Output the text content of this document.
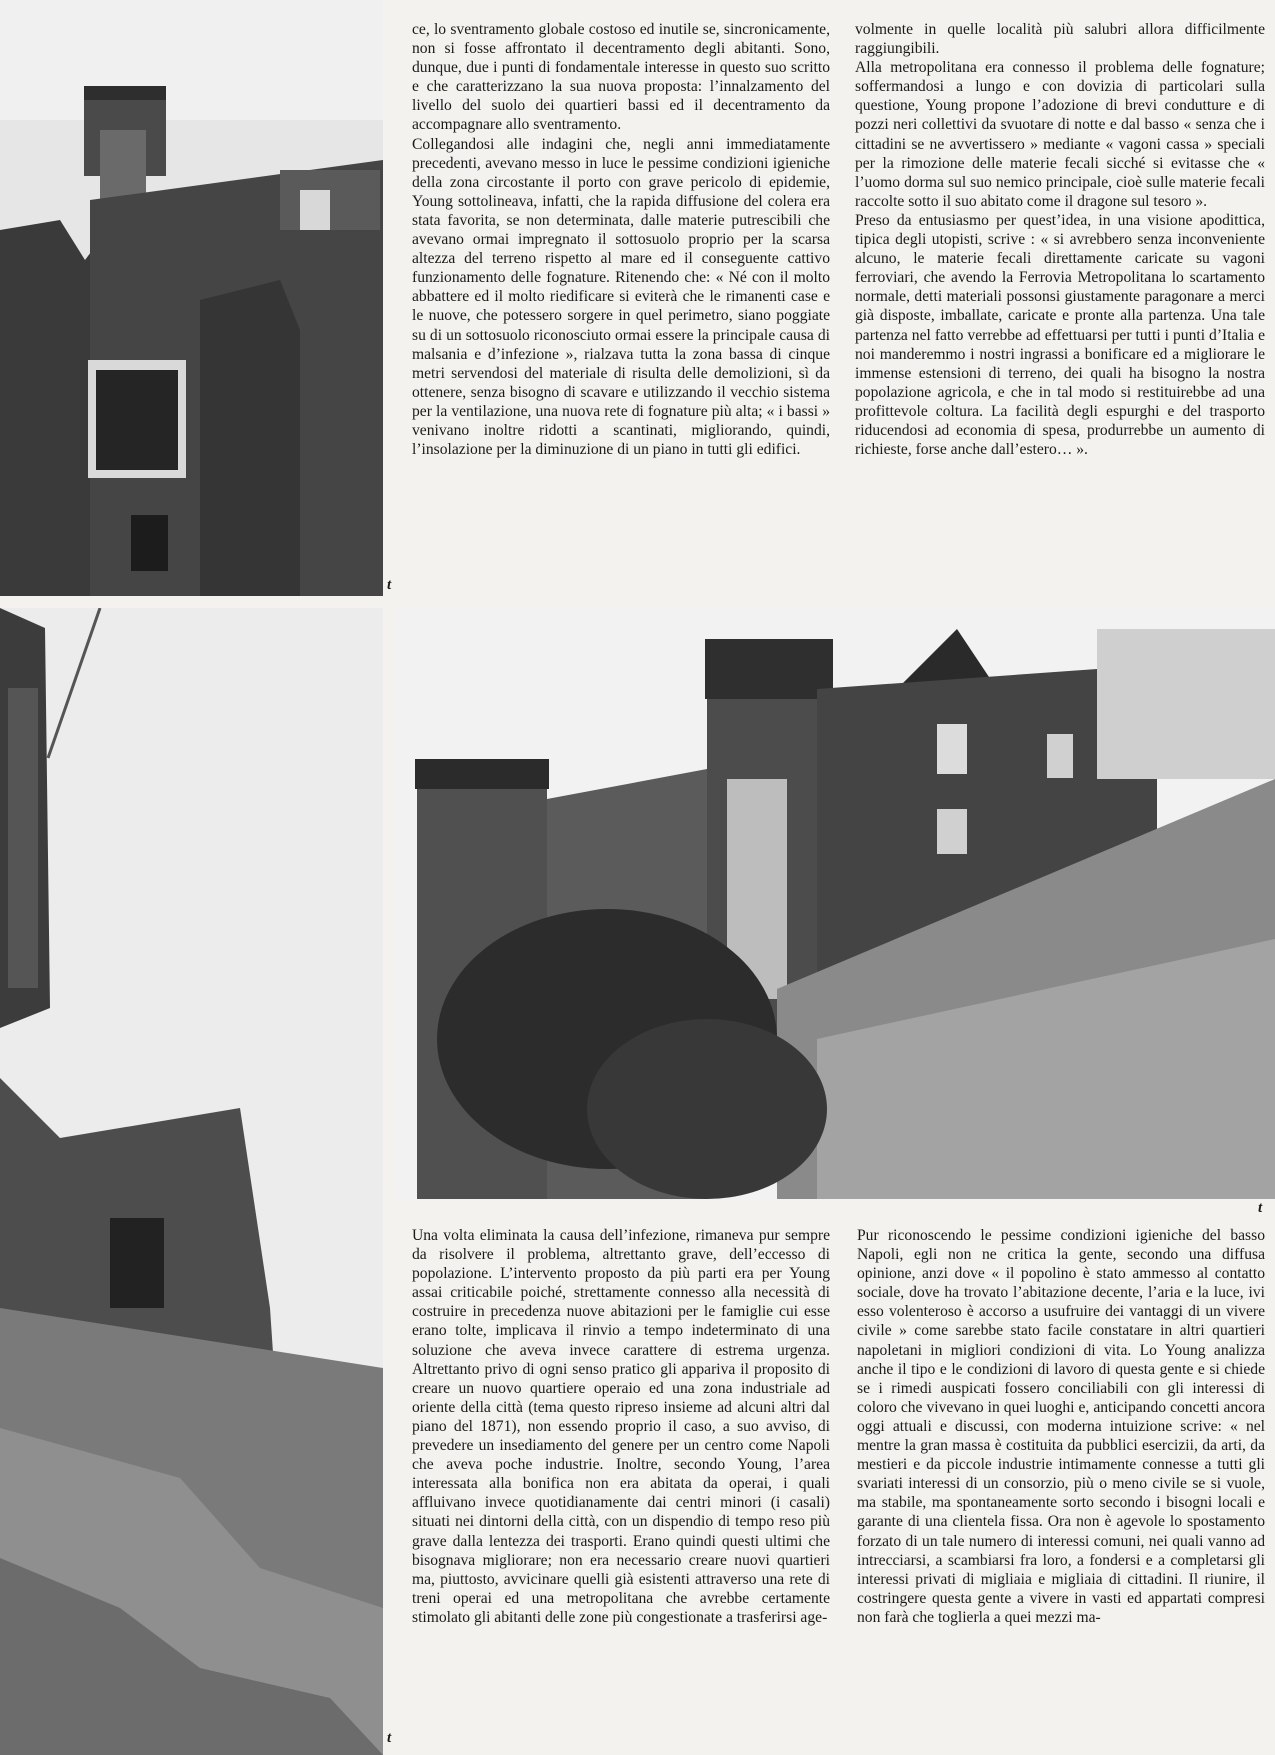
ce, lo sventramento globale costoso ed inutile se, sincronicamente, non si fosse affrontato il decentramento degli abitanti. Sono, dunque, due i punti di fondamentale interesse in questo suo scritto e che caratterizzano la sua nuova proposta: l’innalzamento del livello del suolo dei quartieri bassi ed il decentramento da accompagnare allo sventramento.

Collegandosi alle indagini che, negli anni immediatamente precedenti, avevano messo in luce le pessime condizioni igieniche della zona circostante il porto con grave pericolo di epidemie, Young sottolineava, infatti, che la rapida diffusione del colera era stata favorita, se non determinata, dalle materie putrescibili che avevano ormai impregnato il sottosuolo proprio per la scarsa altezza del terreno rispetto al mare ed il conseguente cattivo funzionamento delle fognature. Ritenendo che: « Né con il molto abbattere ed il molto riedificare si eviterà che le rimanenti case e le nuove, che potessero sorgere in quel perimetro, siano poggiate su di un sottosuolo riconosciuto ormai essere la principale causa di malsania e d’infezione », rialzava tutta la zona bassa di cinque metri servendosi del materiale di risulta delle demolizioni, sì da ottenere, senza bisogno di scavare e utilizzando il vecchio sistema per la ventilazione, una nuova rete di fognature più alta; « i bassi » venivano inoltre ridotti a scantinati, migliorando, quindi, l’insolazione per la diminuzione di un piano in tutti gli edifici.

volmente in quelle località più salubri allora difficilmente raggiungibili.

Alla metropolitana era connesso il problema delle fognature; soffermandosi a lungo e con dovizia di particolari sulla questione, Young propone l’adozione di brevi condutture e di pozzi neri collettivi da svuotare di notte e dal basso « senza che i cittadini se ne avvertissero » mediante « vagoni cassa » speciali per la rimozione delle materie fecali sicché si evitasse che « l’uomo dorma sul suo nemico principale, cioè sulle materie fecali raccolte sotto il suo abitato come il dragone sul tesoro ».

Preso da entusiasmo per quest’idea, in una visione apodittica, tipica degli utopisti, scrive : « si avrebbero senza inconveniente alcuno, le materie fecali direttamente caricate su vagoni ferroviari, che avendo la Ferrovia Metropolitana lo scartamento normale, detti materiali possonsi giustamente paragonare a merci già disposte, imballate, caricate e pronte alla partenza. Una tale partenza nel fatto verrebbe ad effettuarsi per tutti i punti d’Italia e noi manderemmo i nostri ingrassi a bonificare ed a migliorare le immense estensioni di terreno, dei quali ha bisogno la nostra popolazione agricola, e che in tal modo si restituirebbe ad una profittevole coltura. La facilità degli espurghi e del trasporto riducendosi ad economia di spesa, produrrebbe un aumento di richieste, forse anche dall’estero… ».

Una volta eliminata la causa dell’infezione, rimaneva pur sempre da risolvere il problema, altrettanto grave, dell’eccesso di popolazione. L’intervento proposto da più parti era per Young assai criticabile poiché, strettamente connesso alla necessità di costruire in precedenza nuove abitazioni per le famiglie cui esse erano tolte, implicava il rinvio a tempo indeterminato di una soluzione che aveva invece carattere di estrema urgenza. Altrettanto privo di ogni senso pratico gli appariva il proposito di creare un nuovo quartiere operaio ed una zona industriale ad oriente della città (tema questo ripreso insieme ad alcuni altri dal piano del 1871), non essendo proprio il caso, a suo avviso, di prevedere un insediamento del genere per un centro come Napoli che aveva poche industrie. Inoltre, secondo Young, l’area interessata alla bonifica non era abitata da operai, i quali affluivano invece quotidianamente dai centri minori (i casali) situati nei dintorni della città, con un dispendio di tempo reso più grave dalla lentezza dei trasporti. Erano quindi questi ultimi che bisognava migliorare; non era necessario creare nuovi quartieri ma, piuttosto, avvicinare quelli già esistenti attraverso una rete di treni operai ed una metropolitana che avrebbe certamente stimolato gli abitanti delle zone più congestionate a trasferirsi age-

Pur riconoscendo le pessime condizioni igieniche del basso Napoli, egli non ne critica la gente, secondo una diffusa opinione, anzi dove « il popolino è stato ammesso al contatto sociale, dove ha trovato l’abitazione decente, l’aria e la luce, ivi esso volenteroso è accorso a usufruire dei vantaggi di un vivere civile » come sarebbe stato facile constatare in altri quartieri napoletani in migliori condizioni di vita. Lo Young analizza anche il tipo e le condizioni di lavoro di questa gente e si chiede se i rimedi auspicati fossero conciliabili con gli interessi di coloro che vivevano in quei luoghi e, anticipando concetti ancora oggi attuali e discussi, con moderna intuizione scrive: « nel mentre la gran massa è costituita da pubblici esercizii, da arti, da mestieri e da piccole industrie intimamente connesse a tutti gli svariati interessi di un consorzio, più o meno civile se si vuole, ma stabile, ma spontaneamente sorto secondo i bisogni locali e garante di una clientela fissa. Ora non è agevole lo spostamento forzato di un tale numero di interessi comuni, nei quali vanno ad intrecciarsi, a scambiarsi fra loro, a fondersi e a completarsi gli interessi privati di migliaia e migliaia di cittadini. Il riunire, il costringere questa gente a vivere in vasti ed appartati compresi non farà che toglierla a quei mezzi ma-

t
t
t
